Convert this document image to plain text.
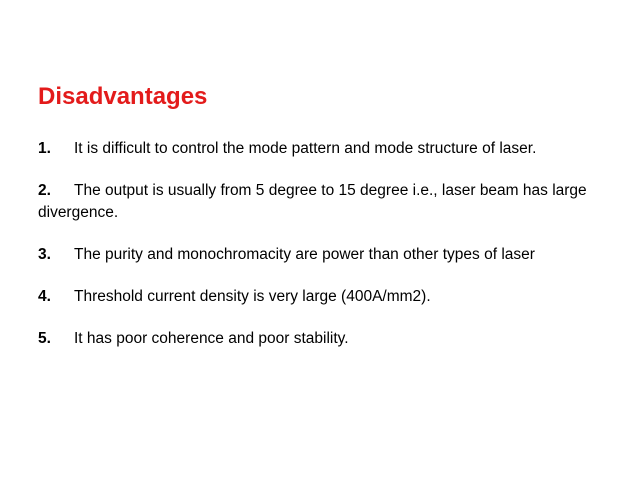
Disadvantages

1. It is difficult to control the mode pattern and mode structure of laser.

2. The output is usually from 5 degree to 15 degree i.e., laser beam has large divergence.

3. The purity and monochromacity are power than other types of laser

4. Threshold current density is very large (400A/mm2).

5. It has poor coherence and poor stability.
